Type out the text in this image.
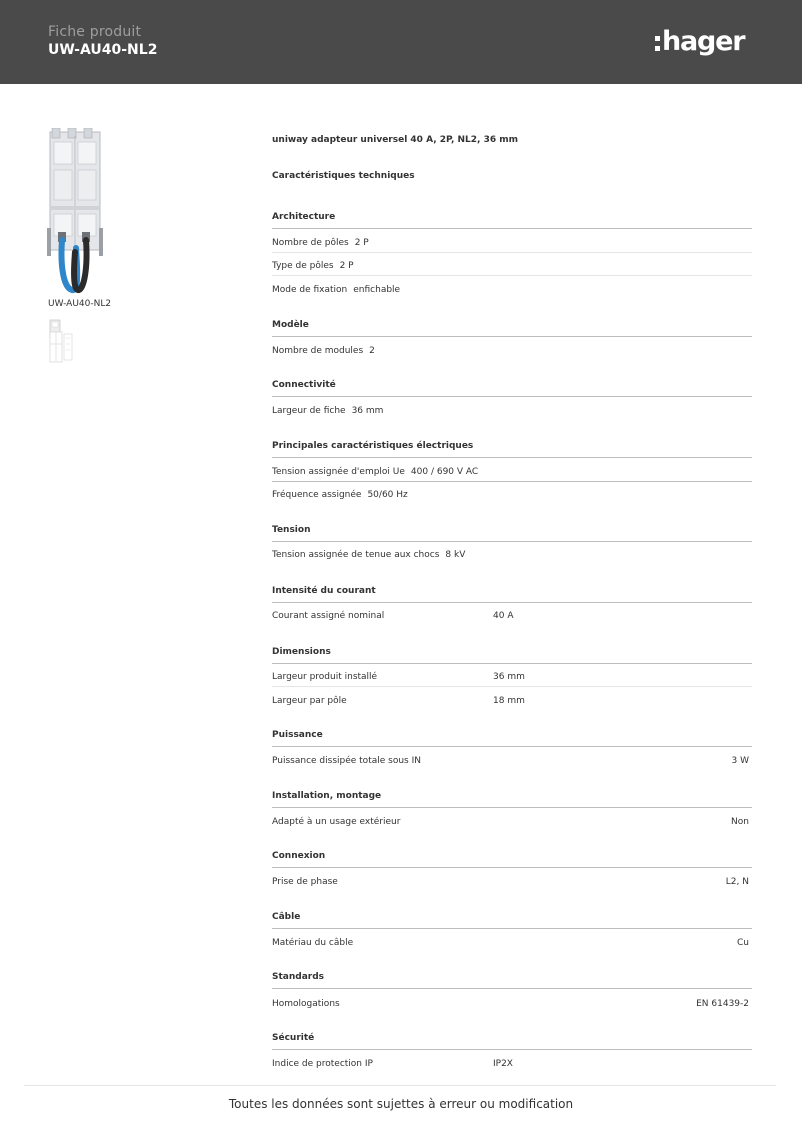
Fiche produit
UW-AU40-NL2	hager
UW-AU40-NL2
uniway adapteur universel 40 A, 2P, NL2, 36 mm
Caractéristiques techniques
Architecture
Nombre de pôles 2 P
Type de pôles 2 P
Mode de fixation enfichable
Modèle
Nombre de modules 2
Connectivité
Largeur de fiche 36 mm
Principales caractéristiques électriques
Tension assignée d'emploi Ue 400 / 690 V AC
Fréquence assignée 50/60 Hz
Tension
Tension assignée de tenue aux chocs 8 kV
Intensité du courant
Courant assigné nominal	40 A
Dimensions
Largeur produit installé	36 mm
Largeur par pôle	18 mm
Puissance
Puissance dissipée totale sous IN	3 W
Installation, montage
Adapté à un usage extérieur	Non
Connexion
Prise de phase	L2, N
Câble
Matériau du câble	Cu
Standards
Homologations	EN 61439-2
Sécurité
Indice de protection IP	IP2X
Toutes les données sont sujettes à erreur ou modification
